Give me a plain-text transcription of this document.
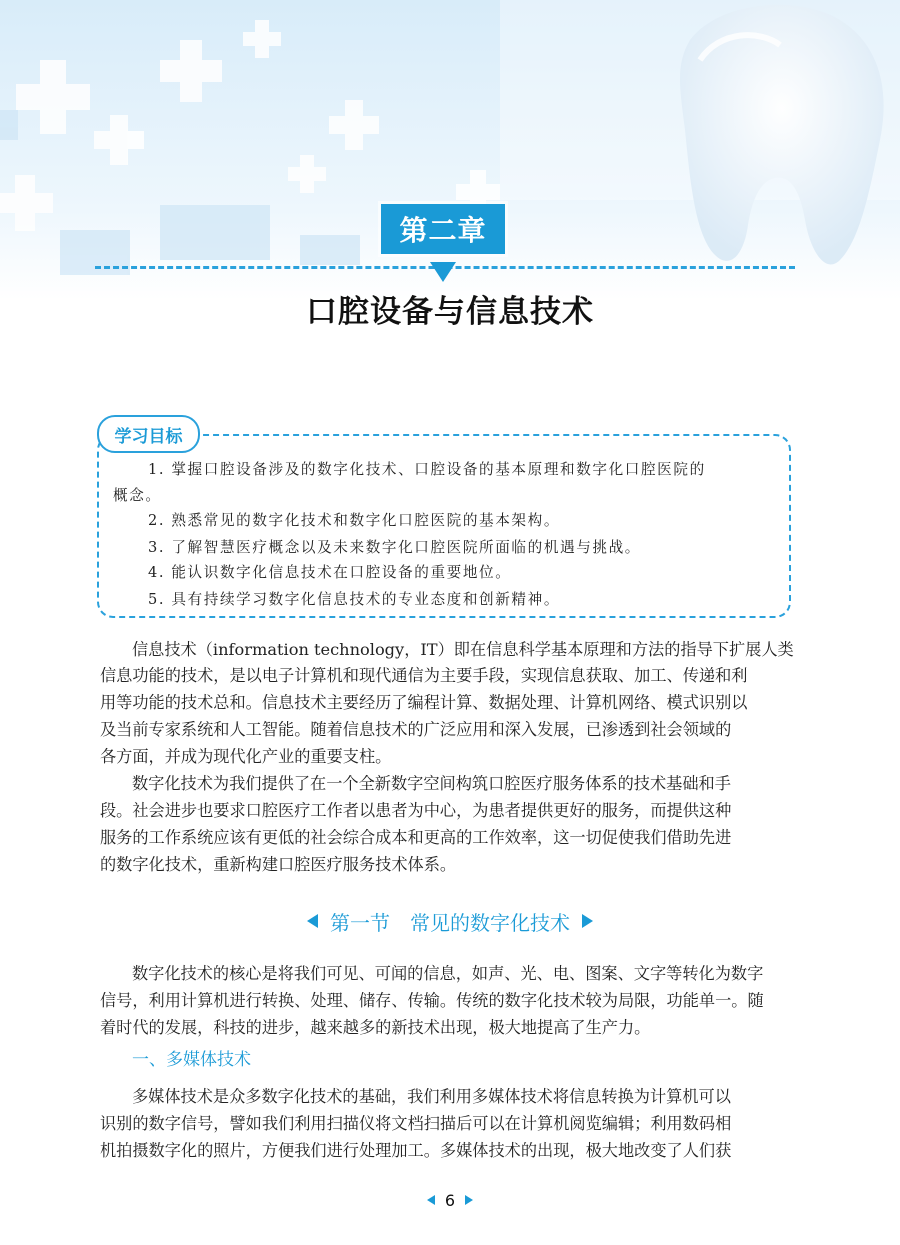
第二章
口腔设备与信息技术
学习目标
1. 掌握口腔设备涉及的数字化技术、口腔设备的基本原理和数字化口腔医院的
概念。
2. 熟悉常见的数字化技术和数字化口腔医院的基本架构。
3. 了解智慧医疗概念以及未来数字化口腔医院所面临的机遇与挑战。
4. 能认识数字化信息技术在口腔设备的重要地位。
5. 具有持续学习数字化信息技术的专业态度和创新精神。
信息技术（information technology，IT）即在信息科学基本原理和方法的指导下扩展人类
信息功能的技术，是以电子计算机和现代通信为主要手段，实现信息获取、加工、传递和利
用等功能的技术总和。信息技术主要经历了编程计算、数据处理、计算机网络、模式识别以
及当前专家系统和人工智能。随着信息技术的广泛应用和深入发展，已渗透到社会领域的
各方面，并成为现代化产业的重要支柱。
数字化技术为我们提供了在一个全新数字空间构筑口腔医疗服务体系的技术基础和手
段。社会进步也要求口腔医疗工作者以患者为中心，为患者提供更好的服务，而提供这种
服务的工作系统应该有更低的社会综合成本和更高的工作效率，这一切促使我们借助先进
的数字化技术，重新构建口腔医疗服务技术体系。
第一节 常见的数字化技术
数字化技术的核心是将我们可见、可闻的信息，如声、光、电、图案、文字等转化为数字
信号，利用计算机进行转换、处理、储存、传输。传统的数字化技术较为局限，功能单一。随
着时代的发展，科技的进步，越来越多的新技术出现，极大地提高了生产力。
一、多媒体技术
多媒体技术是众多数字化技术的基础，我们利用多媒体技术将信息转换为计算机可以
识别的数字信号，譬如我们利用扫描仪将文档扫描后可以在计算机阅览编辑；利用数码相
机拍摄数字化的照片，方便我们进行处理加工。多媒体技术的出现，极大地改变了人们获
6
